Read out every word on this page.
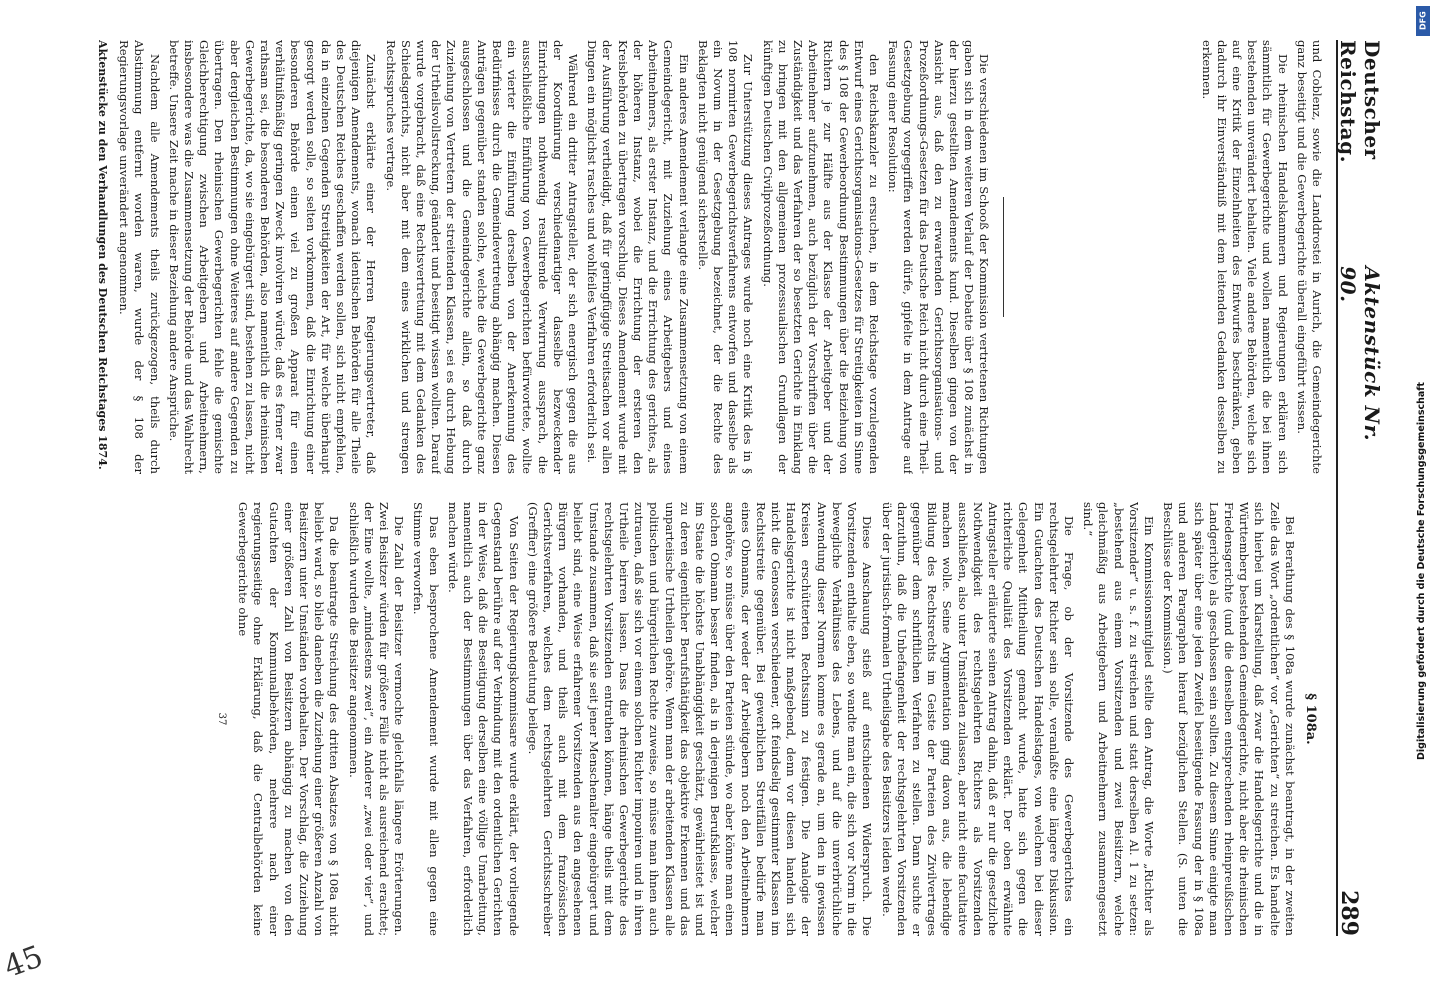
Deutscher Reichstag.
Aktenstück Nr. 90.
289

und Coblenz, sowie die Landdrostei in Aurich, die Gemeindegerichte ganz beseitigt und die Gewerbegerichte überall eingeführt wissen.

Die rheinischen Handelskammern und Regierungen erklären sich sämmtlich für Gewerbegerichte und wollen namentlich die bei ihnen bestehenden unverändert behalten. Viele andere Behörden, welche sich auf eine Kritik der Einzelnheiten des Entwurfes beschränken, geben dadurch ihr Einverständniß mit dem leitenden Gedanken desselben zu erkennen.

Die verschiedenen im Schooß der Kommission vertretenen Richtungen gaben sich in dem weiteren Verlauf der Debatte über § 108 zunächst in der hierzu gestellten Amendements kund. Dieselben gingen von der Ansicht aus, daß den zu erwartenden Gerichtsorganisations- und Prozeßordnungs-Gesetzen für das Deutsche Reich nicht durch eine Theil-Gesetzgebung vorgegriffen werden dürfe, gipfelte in dem Antrage auf Fassung einer Resolution:

den Reichskanzler zu ersuchen, in dem Reichstage vorzulegenden Entwurf eines Gerichtsorganisations-Gesetzes für Streitigkeiten im Sinne des § 108 der Gewerbeordnung Bestimmungen über die Beiziehung von Richtern je zur Hälfte aus der Klasse der Arbeitgeber und der Arbeitnehmer aufzunehmen, auch bezüglich der Vorschriften über die Zuständigkeit und das Verfahren der so besetzten Gerichte in Einklang zu bringen mit den allgemeinen prozessualischen Grundlagen der künftigen Deutschen Civilprozeßordnung.

Zur Unterstützung dieses Antrages wurde noch eine Kritik des in § 108 normirten Gewerbegerichtsverfahrens entworfen und dasselbe als ein Novum in der Gesetzgebung bezeichnet, der die Rechte des Beklagten nicht genügend sicherstelle.

Ein anderes Amendement verlangte eine Zusammensetzung von einem Gemeindegericht, mit Zuziehung eines Arbeitgebers und eines Arbeitnehmers, als erster Instanz, und die Errichtung des gerichtes, als der höheren Instanz, wobei die Errichtung der ersteren den Kreisbehörden zu übertragen vorschlug. Dieses Amendement wurde mit der Ausführung vertheidigt, daß für geringfügige Streitsachen vor allen Dingen ein möglichst rasches und wohlfeiles Verfahren erforderlich sei.

Während ein dritter Antragsteller, der sich energisch gegen die aus der Koordinirung verschiedenartiger dasselbe bezweckender Einrichtungen nothwendig resultirende Verwirrung aussprach, die ausschließliche Einführung von Gewerbegerichten befürwortete, wollte ein vierter die Einführung derselben von der Anerkennung des Bedürfnisses durch die Gemeindevertretung abhängig machen. Diesen Anträgen gegenüber standen solche, welche die Gewerbegerichte ganz ausgeschlossen und die Gemeindegerichte allein, so daß durch Zuziehung von Vertretern der streitenden Klassen, sei es durch Hebung der Urtheilsvollstreckung, geändert und beseitigt wissen wollten. Darauf wurde vorgebracht, daß eine Rechtsvertretung mit dem Gedanken des Schiedsgerichts, nicht aber mit dem eines wirklichen und strengen Rechtsspruches vertrage.

Zunächst erklärte einer der Herren Regierungsvertreter, daß diejenigen Amendements, wonach identischen Behörden für alle Theile des Deutschen Reiches geschaffen werden sollen, sich nicht empfehlen, da in einzelnen Gegenden Streitigkeiten der Art, für welche überhaupt gesorgt werden solle, so selten vorkommen, daß die Einrichtung einer besonderen Behörde einen viel zu großen Apparat für einen verhältnißmäßig geringen Zweck involviren würde; daß es ferner zwar rathsam sei, die besonderen Behörden, also namentlich die rheinischen Gewerbegerichte, da, wo sie eingebürgert sind, bestehen zu lassen, nicht aber dergleichen Bestimmungen ohne Weiteres auf andere Gegenden zu übertragen. Den rheinischen Gewerbegerichten fehle die gemischte Gleichberechtigung zwischen Arbeitgebern und Arbeitnehmern, insbesondere was die Zusammensetzung der Behörde und das Wahlrecht betreffe. Unsere Zeit mache in dieser Beziehung andere Ansprüche.

Nachdem alle Amendements theils zurückgezogen, theils durch Abstimmung entfernt worden waren, wurde der § 108 der Regierungsvorlage unverändert angenommen.

Aktenstücke zu den Verhandlungen des Deutschen Reichstages 1874.

§ 108a.

Bei Berathung des § 108a wurde zunächst beantragt, in der zweiten Zeile das Wort „ordentlichen“ vor „Gerichten“ zu streichen. Es handelte sich hierbei um Klarstellung, daß zwar die Handelsgerichte und die in Württemberg bestehenden Gemeindegerichte, nicht aber die rheinischen Friedensgerichte (und die denselben entsprechenden rheinpreußischen Landgerichte) als geschlossen sein sollten. Zu diesem Sinne einigte man sich später über eine jeden Zweifel beseitigende Fassung der in § 108a und anderen Paragraphen hierauf bezüglichen Stellen. (S. unten die Beschlüsse der Kommission.)

Ein Kommissionsmitglied stellte den Antrag, die Worte „Richter als Vorsitzender“ u. s. f. zu streichen und statt derselben Al. 1 zu setzen: „bestehend aus einem Vorsitzenden und zwei Beisitzern, welche gleichmäßig aus Arbeitgebern und Arbeitnehmern zusammengesetzt sind.“

Die Frage, ob der Vorsitzende des Gewerbegerichtes ein rechtsgelehrter Richter sein solle, veranlaßte eine längere Diskussion. Ein Gutachten des Deutschen Handelstages, von welchem bei dieser Gelegenheit Mittheilung gemacht wurde, hatte sich gegen die richterliche Qualität des Vorsitzenden erklärt. Der oben erwähnte Antragsteller erläuterte seinen Antrag dahin, daß er nur die gesetzliche Nothwendigkeit des rechtsgelehrten Richters als Vorsitzenden ausschließen, also unter Umständen zulassen, aber nicht eine facultative machen wolle. Seine Argumentation ging davon aus, die lebendige Bildung des Rechtsrechts im Geiste der Parteien des Zivilvertrages gegenüber dem schriftlichen Verfahren zu stellen. Dann suchte er darzuthun, daß die Unbefangenheit der rechtsgelehrten Vorsitzenden über der juristisch-formalen Urtheilsgabe des Beisitzers leiden werde.

Diese Anschauung stieß auf entschiedenen Widerspruch. Die Vorsitzenden enthalte eben, so wandte man ein, die sich vor Norm in die bewegliche Verhältnisse des Lebens, und auf die unverbrüchliche Anwendung dieser Normen komme es gerade an, um den in gewissen Kreisen erschütterten Rechtssinn zu festigen. Die Analogie der Handelsgerichte ist nicht maßgebend, denn vor diesen handeln sich nicht die Genossen verschiedener, oft feindselig gestimmter Klassen im Rechtsstreite gegenüber. Bei gewerblichen Streitfällen bedürfe man eines Obmanns, der weder der Arbeitgebern noch den Arbeitnehmern angehöre, so müsse über den Parteien stünde, wo aber könne man einen solchen Obmann besser finden, als in derjenigen Berufsklasse, welcher im Staate die höchste Unabhängigkeit geschätzt, gewährleistet ist und zu deren eigentlicher Berufsthätigkeit das objektive Erkennen und das unparteiische Urtheilen gehöre. Wenn man der arbeitenden Klassen alle politischen und bürgerlichen Rechte zuweise, so müsse man ihnen auch zutrauen, daß sie sich vor einem solchen Richter imponiren und in ihren Urtheile beirren lassen. Dass die rheinischen Gewerbegerichte des rechtsgelehrten Vorsitzenden entrathen können, hänge theils mit dem Umstande zusammen, daß sie seit jener Menschenalter eingebürgert und beliebt sind, eine Weise erfahrener Vorsitzenden aus den angesehenen Bürgern vorhanden, und theils auch mit dem französischen Gerichtsverfahren, welches dem rechtsgelehrten Gerichtsschreiber (Greffier) eine größere Bedeutung beilege.

Von Seiten der Regierungskommissare wurde erklärt, der vorliegende Gegenstand berühre auf der Verbindung mit den ordentlichen Gerichten in der Weise, daß die Beseitigung derselben eine völlige Umarbeitung, namentlich auch der Bestimmungen über das Verfahren, erforderlich machen würde.

Das eben besprochene Amendement wurde mit allen gegen eine Stimme verworfen.

Die Zahl der Beisitzer vermochte gleichfalls längere Erörterungen. Zwei Beisitzer würden für größere Fälle nicht als ausreichend erachtet; der Eine wollte, „mindestens zwei“, ein Anderer „zwei oder vier“, und schließlich wurden die Beisitzer angenommen.

Da die beantragte Streichung des dritten Absatzes von § 108a nicht beliebt ward, so blieb daneben die Zuziehung einer größeren Anzahl von Beisitzern unter Umständen vorbehalten. Der Vorschlag, die Zuziehung einer größeren Zahl von Beisitzern abhängig zu machen von den Gutachten der Kommunalbehörden, mehrere nach einer regierungsseitige ohne Erklärung, daß die Centralbehörden keine Gewerbegerichte ohne

37

DFG
Digitalisierung gefördert durch die Deutsche Forschungsgemeinschaft
45
